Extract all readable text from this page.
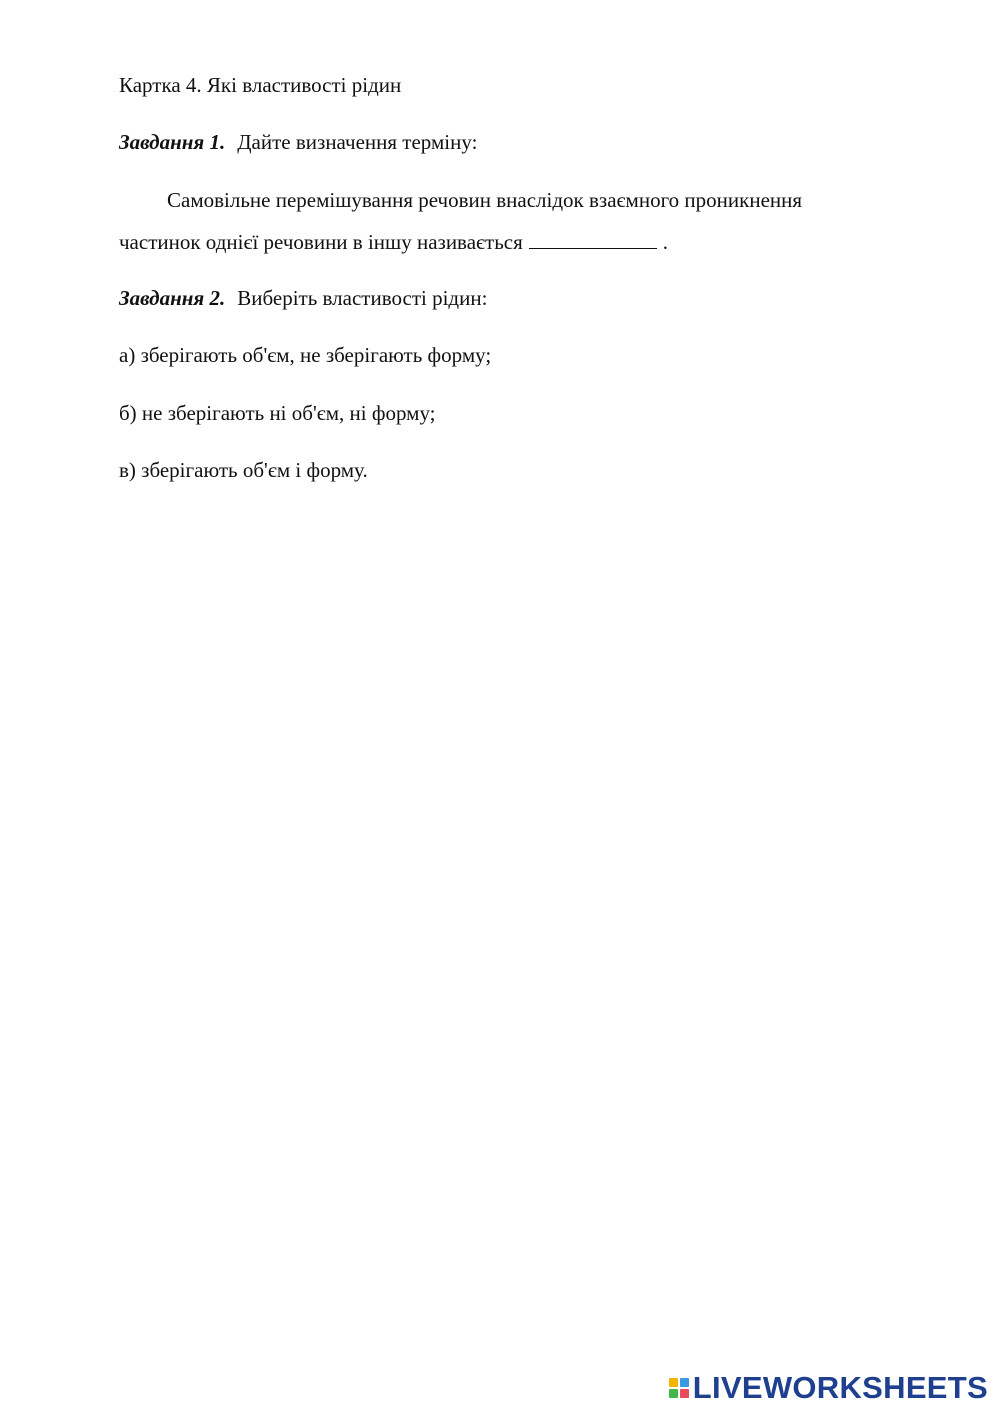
Картка 4. Які властивості рідин
Завдання 1. Дайте визначення терміну:
Самовільне перемішування речовин внаслідок взаємного проникнення
частинок однієї речовини в іншу називається	.
Завдання 2. Виберіть властивості рідин:
а) зберігають об'єм, не зберігають форму;
б) не зберігають ні об'єм, ні форму;
в) зберігають об'єм і форму.
LIVEWORKSHEETS
